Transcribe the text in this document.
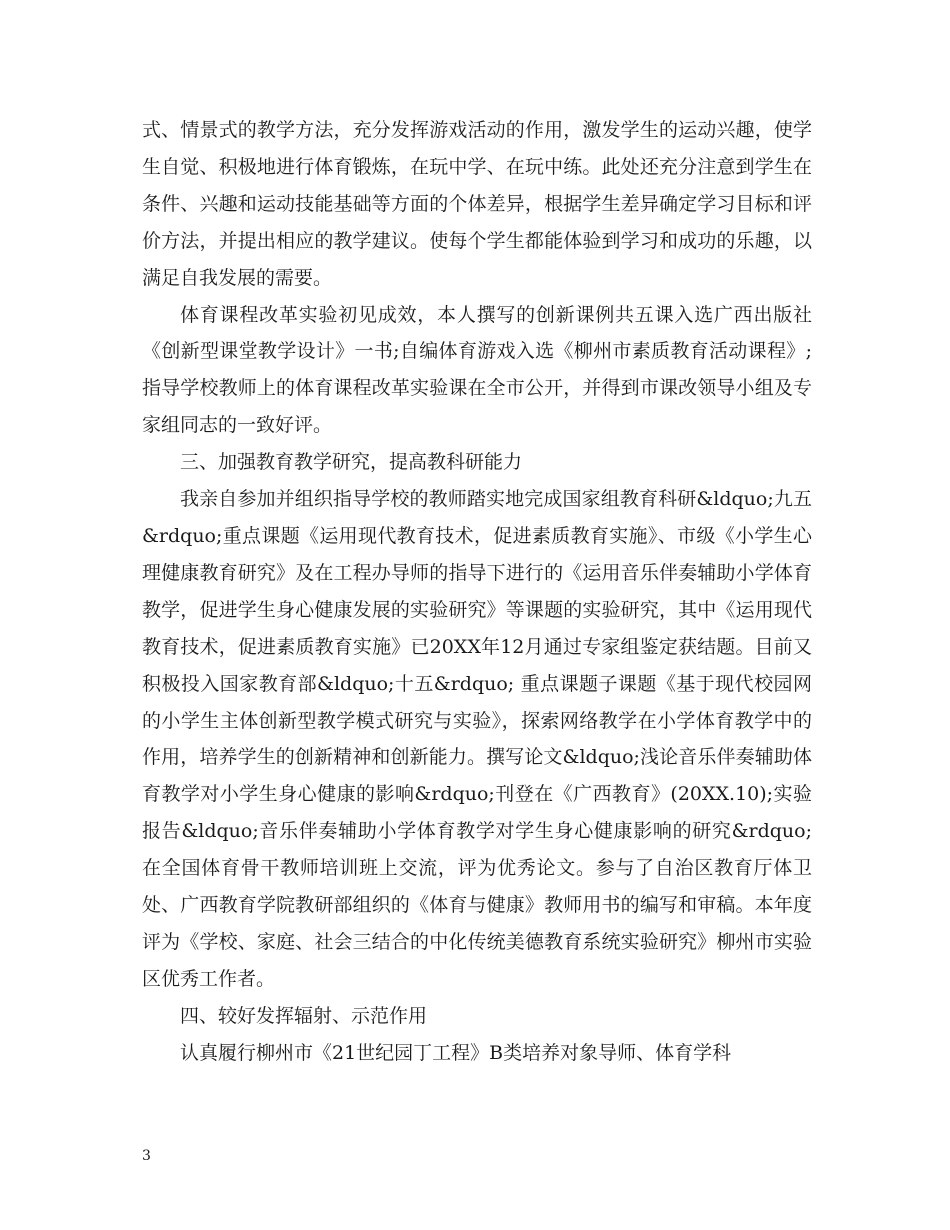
式、情景式的教学方法，充分发挥游戏活动的作用，激发学生的运动兴趣，使学生自觉、积极地进行体育锻炼，在玩中学、在玩中练。此处还充分注意到学生在条件、兴趣和运动技能基础等方面的个体差异，根据学生差异确定学习目标和评价方法，并提出相应的教学建议。使每个学生都能体验到学习和成功的乐趣，以满足自我发展的需要。

体育课程改革实验初见成效，本人撰写的创新课例共五课入选广西出版社《创新型课堂教学设计》一书;自编体育游戏入选《柳州市素质教育活动课程》;指导学校教师上的体育课程改革实验课在全市公开，并得到市课改领导小组及专家组同志的一致好评。

三、加强教育教学研究，提高教科研能力

我亲自参加并组织指导学校的教师踏实地完成国家组教育科研&ldquo;九五&rdquo;重点课题《运用现代教育技术，促进素质教育实施》、市级《小学生心理健康教育研究》及在工程办导师的指导下进行的《运用音乐伴奏辅助小学体育教学，促进学生身心健康发展的实验研究》等课题的实验研究，其中《运用现代教育技术，促进素质教育实施》已20XX年12月通过专家组鉴定获结题。目前又积极投入国家教育部&ldquo;十五&rdquo; 重点课题子课题《基于现代校园网的小学生主体创新型教学模式研究与实验》，探索网络教学在小学体育教学中的作用，培养学生的创新精神和创新能力。撰写论文&ldquo;浅论音乐伴奏辅助体育教学对小学生身心健康的影响&rdquo;刊登在《广西教育》(20XX.10);实验报告&ldquo;音乐伴奏辅助小学体育教学对学生身心健康影响的研究&rdquo;在全国体育骨干教师培训班上交流，评为优秀论文。参与了自治区教育厅体卫处、广西教育学院教研部组织的《体育与健康》教师用书的编写和审稿。本年度评为《学校、家庭、社会三结合的中化传统美德教育系统实验研究》柳州市实验区优秀工作者。

四、较好发挥辐射、示范作用

认真履行柳州市《21世纪园丁工程》B类培养对象导师、体育学科

3
